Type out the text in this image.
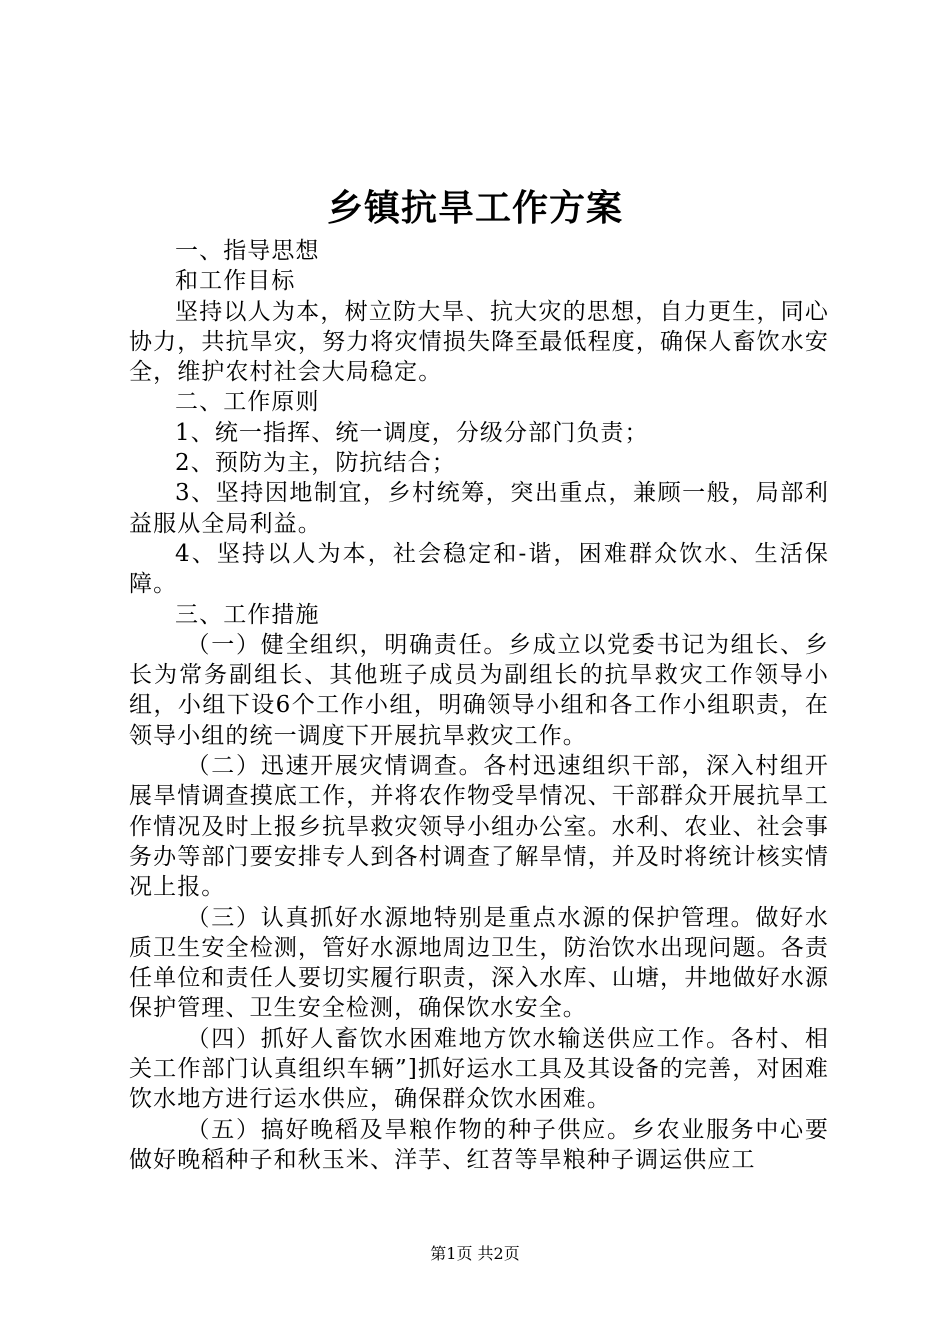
乡镇抗旱工作方案

一、指导思想

和工作目标

坚持以人为本，树立防大旱、抗大灾的思想，自力更生，同心协力，共抗旱灾，努力将灾情损失降至最低程度，确保人畜饮水安全，维护农村社会大局稳定。

二、工作原则

1、统一指挥、统一调度，分级分部门负责；

2、预防为主，防抗结合；

3、坚持因地制宜，乡村统筹，突出重点，兼顾一般，局部利益服从全局利益。

4、坚持以人为本，社会稳定和-谐，困难群众饮水、生活保障。

三、工作措施

（一）健全组织，明确责任。乡成立以党委书记为组长、乡长为常务副组长、其他班子成员为副组长的抗旱救灾工作领导小组，小组下设6个工作小组，明确领导小组和各工作小组职责，在领导小组的统一调度下开展抗旱救灾工作。

（二）迅速开展灾情调查。各村迅速组织干部，深入村组开展旱情调查摸底工作，并将农作物受旱情况、干部群众开展抗旱工作情况及时上报乡抗旱救灾领导小组办公室。水利、农业、社会事务办等部门要安排专人到各村调查了解旱情，并及时将统计核实情况上报。

（三）认真抓好水源地特别是重点水源的保护管理。做好水质卫生安全检测，管好水源地周边卫生，防治饮水出现问题。各责任单位和责任人要切实履行职责，深入水库、山塘，井地做好水源保护管理、卫生安全检测，确保饮水安全。

（四）抓好人畜饮水困难地方饮水输送供应工作。各村、相关工作部门认真组织车辆”]抓好运水工具及其设备的完善，对困难饮水地方进行运水供应，确保群众饮水困难。

（五）搞好晚稻及旱粮作物的种子供应。乡农业服务中心要做好晚稻种子和秋玉米、洋芋、红苕等旱粮种子调运供应工

第1页 共2页
